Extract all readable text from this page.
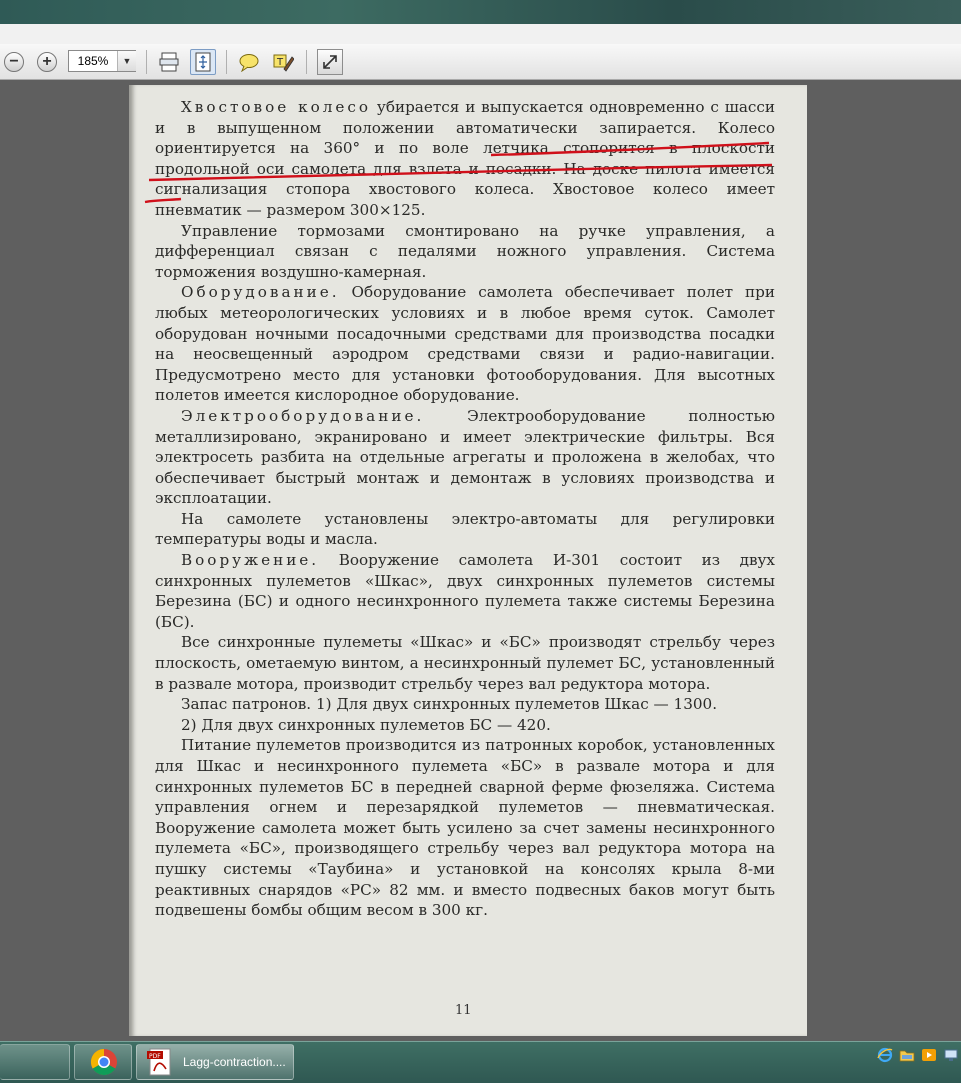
−	+	185%	▼	T

Хвостовое колесо убирается и выпускается одновременно с шасси и в выпущенном положении автоматически запирается. Колесо ориентируется на 360° и по воле летчика стопорится в плоскости продольной оси самолета для взлета и посадки. На доске пилота имеется сигнализация стопора хвостового колеса. Хвостовое колесо имеет пневматик — размером 300×125.

Управление тормозами смонтировано на ручке управления, а дифференциал связан с педалями ножного управления. Система торможения воздушно-камерная.

Оборудование. Оборудование самолета обеспечивает полет при любых метеорологических условиях и в любое время суток. Самолет оборудован ночными посадочными средствами для производства посадки на неосвещенный аэродром средствами связи и радио-навигации. Предусмотрено место для установки фотооборудования. Для высотных полетов имеется кислородное оборудование.

Электрооборудование. Электрооборудование полностью металлизировано, экранировано и имеет электрические фильтры. Вся электросеть разбита на отдельные агрегаты и проложена в желобах, что обеспечивает быстрый монтаж и демонтаж в условиях производства и эксплоатации.

На самолете установлены электро-автоматы для регулировки температуры воды и масла.

Вооружение. Вооружение самолета И-301 состоит из двух синхронных пулеметов «Шкас», двух синхронных пулеметов системы Березина (БС) и одного несинхронного пулемета также системы Березина (БС).

Все синхронные пулеметы «Шкас» и «БС» производят стрельбу через плоскость, ометаемую винтом, а несинхронный пулемет БС, установленный в развале мотора, производит стрельбу через вал редуктора мотора.

Запас патронов. 1) Для двух синхронных пулеметов Шкас — 1300.

2) Для двух синхронных пулеметов БС — 420.

Питание пулеметов производится из патронных коробок, установленных для Шкас и несинхронного пулемета «БС» в развале мотора и для синхронных пулеметов БС в передней сварной ферме фюзеляжа. Система управления огнем и перезарядкой пулеметов — пневматическая. Вооружение самолета может быть усилено за счет замены несинхронного пулемета «БС», производящего стрельбу через вал редуктора мотора на пушку системы «Таубина» и установкой на консолях крыла 8-ми реактивных снарядов «РС» 82 мм. и вместо подвесных баков могут быть подвешены бомбы общим весом в 300 кг.

11
PDF Lagg-contraction....
